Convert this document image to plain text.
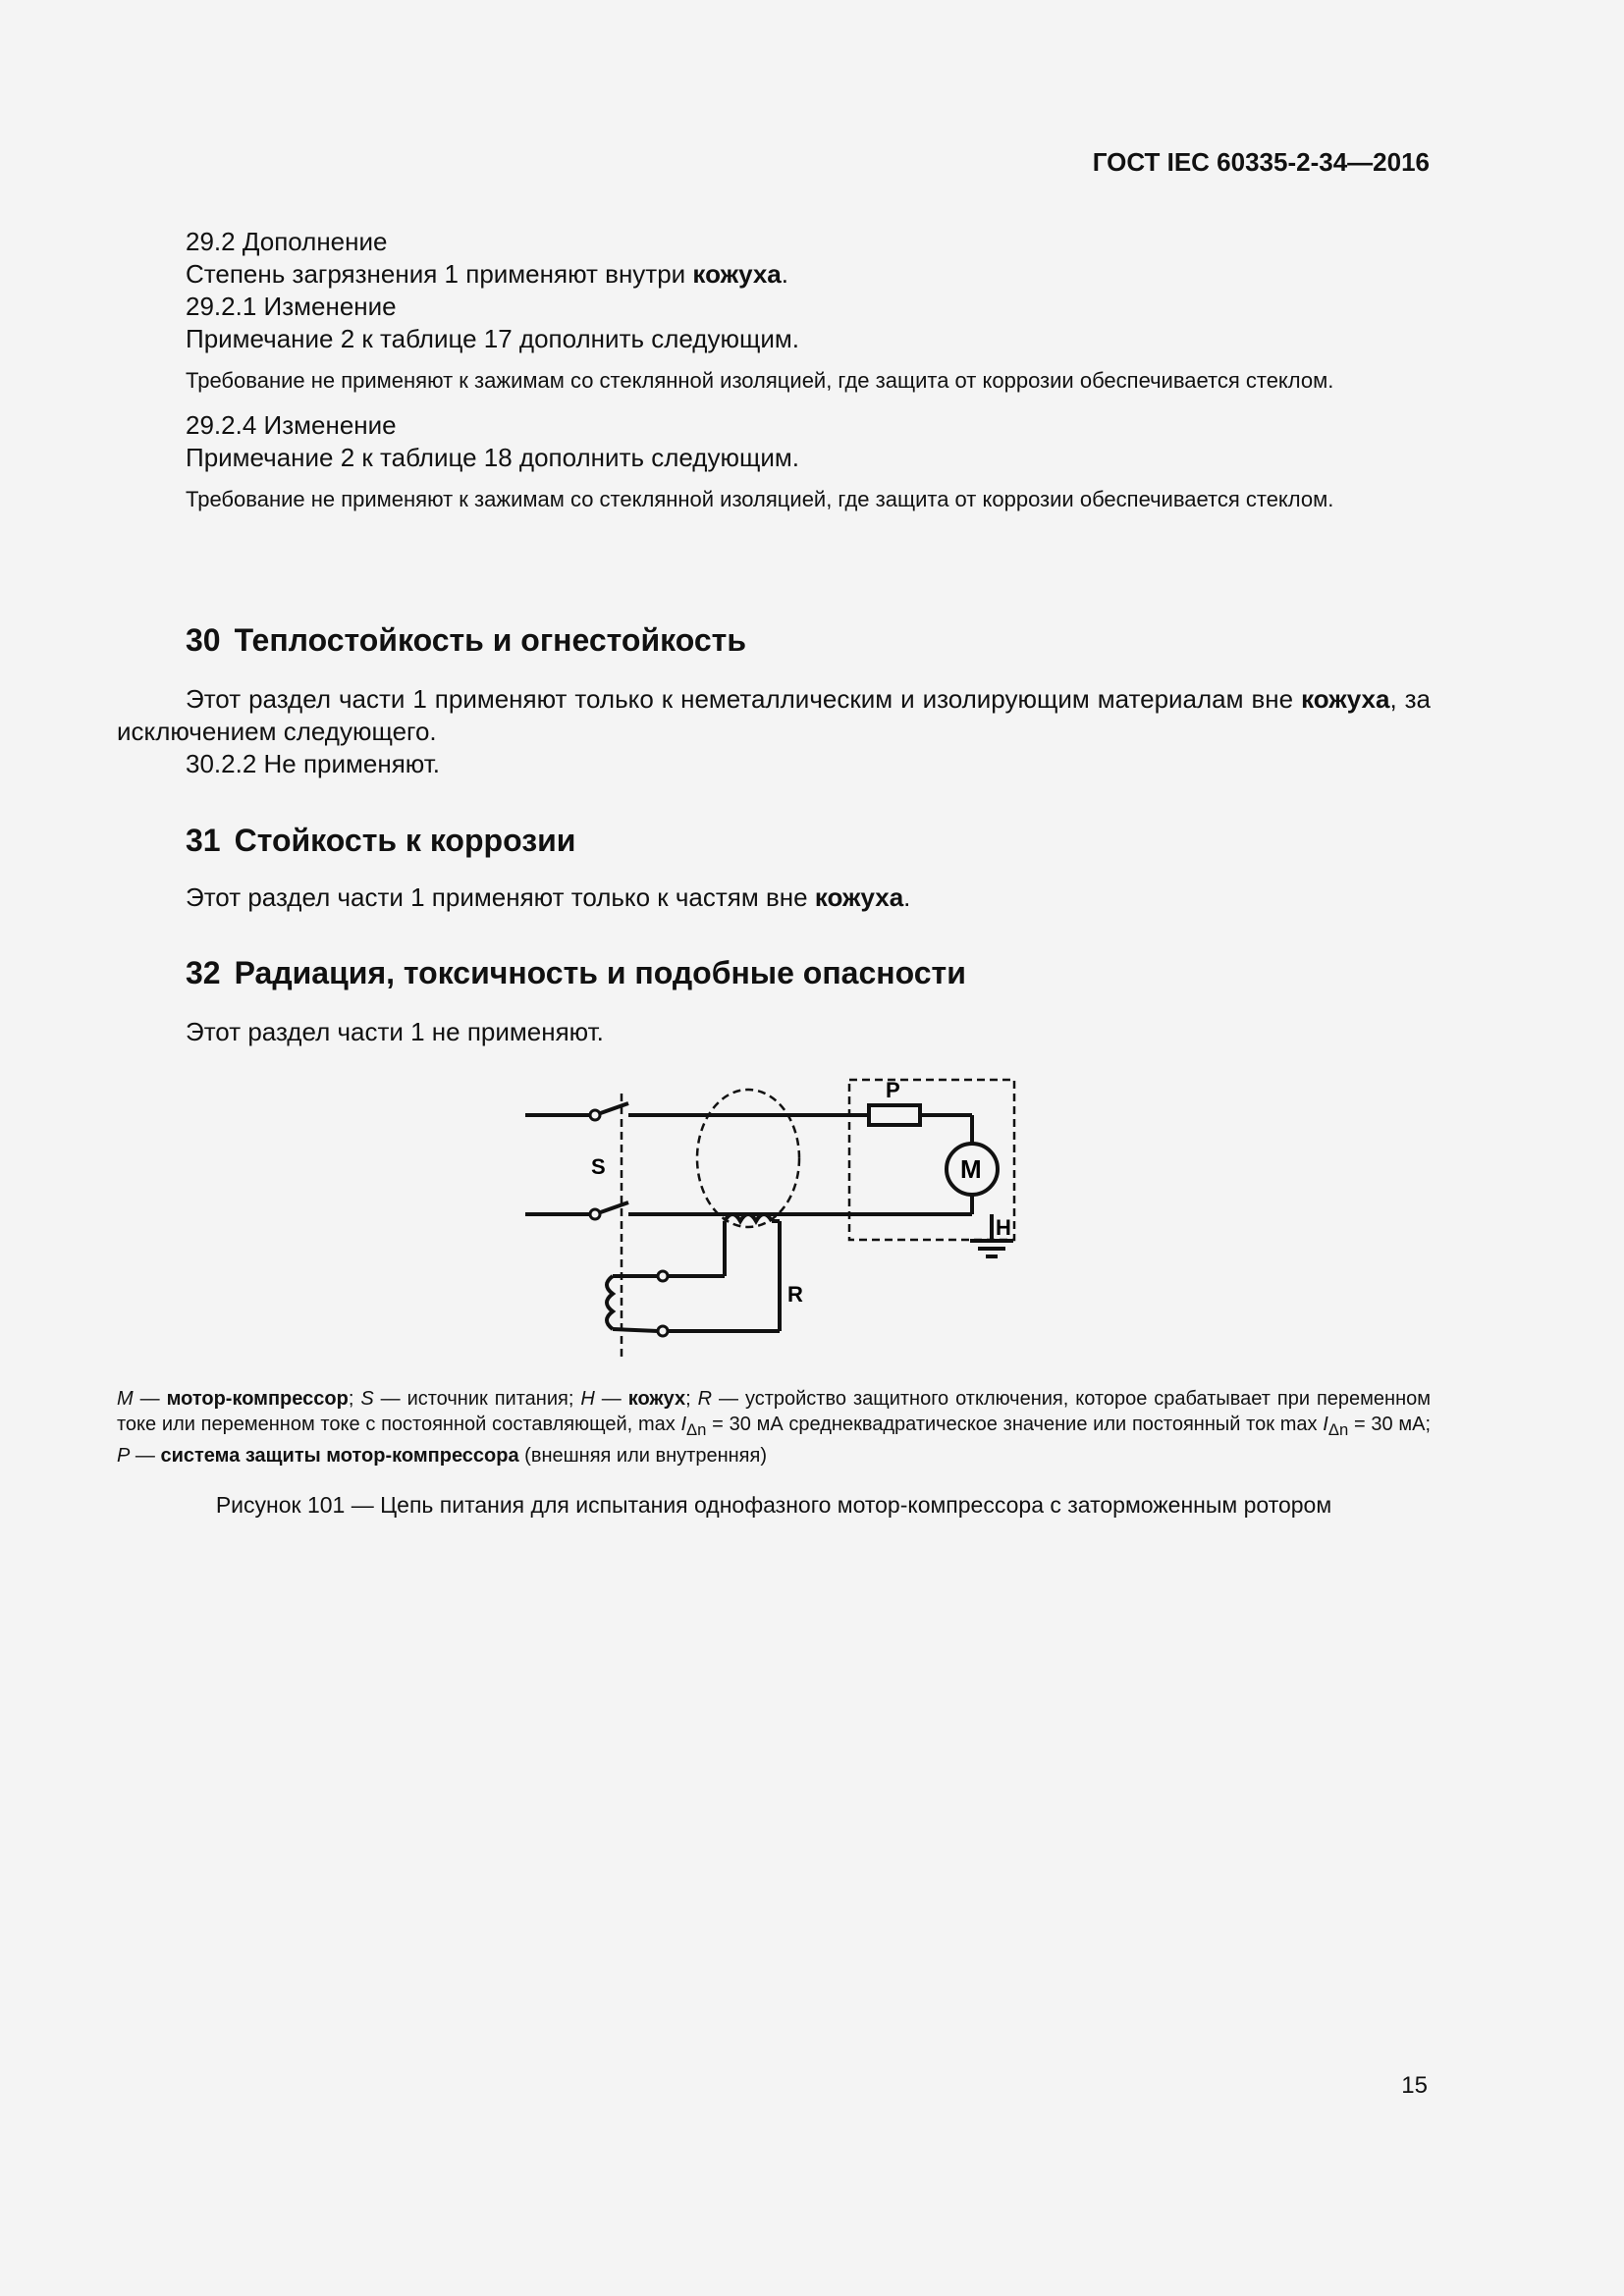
ГОСТ IEC 60335-2-34—2016

29.2 Дополнение

Степень загрязнения 1 применяют внутри кожуха.

29.2.1 Изменение

Примечание 2 к таблице 17 дополнить следующим.

Требование не применяют к зажимам со стеклянной изоляцией, где защита от коррозии обеспечивается стеклом.

29.2.4 Изменение

Примечание 2 к таблице 18 дополнить следующим.

Требование не применяют к зажимам со стеклянной изоляцией, где защита от коррозии обеспечивается стеклом.

30 Теплостойкость и огнестойкость

Этот раздел части 1 применяют только к неметаллическим и изолирующим материалам вне кожуха, за исключением следующего.

30.2.2 Не применяют.

31 Стойкость к коррозии

Этот раздел части 1 применяют только к частям вне кожуха.

32 Радиация, токсичность и подобные опасности

Этот раздел части 1 не применяют.

P
S	M
H
R
M — мотор-компрессор; S — источник питания; H — кожух; R — устройство защитного отключения, которое срабатывает при переменном токе или переменном токе с постоянной составляющей, $\max I_{\Delta n} = 30$ мА среднеквадратическое значение или постоянный ток $\max I_{\Delta n} = 30$ мА; P — система защиты мотор-компрессора (внешняя или внутренняя)
Рисунок 101 — Цепь питания для испытания однофазного мотор-компрессора с заторможенным ротором
15
